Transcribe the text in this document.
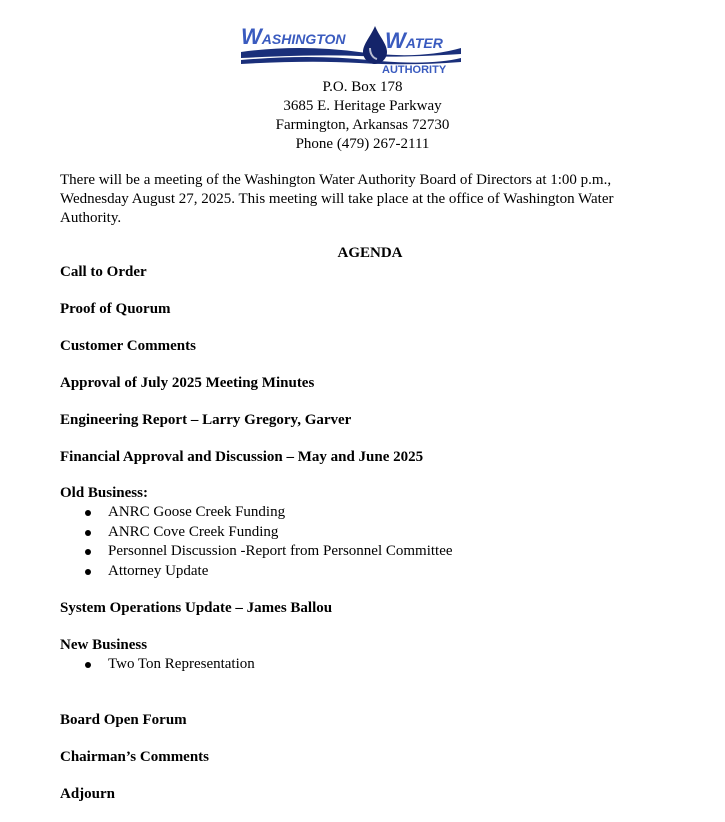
WASHINGTON WATER
AUTHORITY
P.O. Box 178
3685 E. Heritage Parkway
Farmington, Arkansas 72730
Phone (479) 267-2111
There will be a meeting of the Washington Water Authority Board of Directors at 1:00 p.m., Wednesday August 27, 2025. This meeting will take place at the office of Washington Water Authority.
AGENDA
Call to Order
Proof of Quorum
Customer Comments
Approval of July 2025 Meeting Minutes
Engineering Report – Larry Gregory, Garver
Financial Approval and Discussion – May and June 2025
Old Business:
ANRC Goose Creek Funding
ANRC Cove Creek Funding
Personnel Discussion -Report from Personnel Committee
Attorney Update
System Operations Update – James Ballou
New Business
Two Ton Representation
Board Open Forum
Chairman’s Comments
Adjourn
